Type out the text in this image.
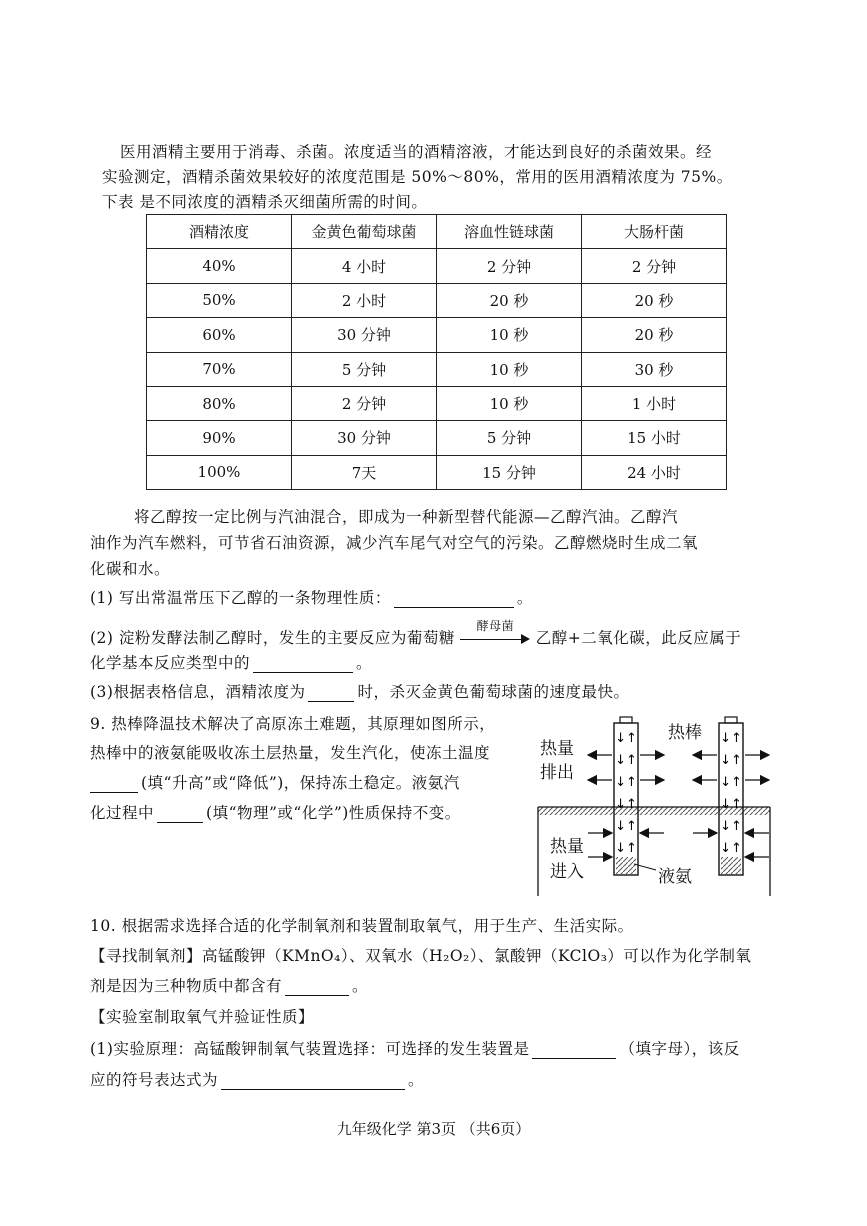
医用酒精主要用于消毒、杀菌。浓度适当的酒精溶液，才能达到良好的杀菌效果。经
实验测定，酒精杀菌效果较好的浓度范围是 50%～80%，常用的医用酒精浓度为 75%。
下表 是不同浓度的酒精杀灭细菌所需的时间。
酒精浓度	金黄色葡萄球菌	溶血性链球菌	大肠杆菌
40%	4 小时	2 分钟	2 分钟
50%	2 小时	20 秒	20 秒
60%	30 分钟	10 秒	20 秒
70%	5 分钟	10 秒	30 秒
80%	2 分钟	10 秒	1 小时
90%	30 分钟	5 分钟	15 小时
100%	7天	15 分钟	24 小时
将乙醇按一定比例与汽油混合，即成为一种新型替代能源—乙醇汽油。乙醇汽
油作为汽车燃料，可节省石油资源，减少汽车尾气对空气的污染。乙醇燃烧时生成二氧
化碳和水。
(1) 写出常温常压下乙醇的一条物理性质：	。
(2) 淀粉发酵法制乙醇时，发生的主要反应为葡萄糖
酵母菌
乙醇+二氧化碳，此反应属于
化学基本反应类型中的	。
(3)根据表格信息，酒精浓度为	时，杀灭金黄色葡萄球菌的速度最快。
9. 热棒降温技术解决了高原冻土难题，其原理如图所示，
热棒中的液氨能吸收冻土层热量，发生汽化，使冻土温度
(填“升高”或“降低”)，保持冻土稳定。液氨汽
化过程中	(填“物理”或“化学”)性质保持不变。
↓↑
↓↑
↓↑
↓↑
↓↑
↓↑
↓↑
↓↑
↓↑
↓↑
↓↑
↓↑
热棒
热量
排出
热量
进入	液氨
10. 根据需求选择合适的化学制氧剂和装置制取氧气，用于生产、生活实际。
【寻找制氧剂】高锰酸钾（KMnO₄）、双氧水（H₂O₂）、氯酸钾（KClO₃）可以作为化学制氧
剂是因为三种物质中都含有	。
【实验室制取氧气并验证性质】
(1)实验原理：高锰酸钾制氧气装置选择：可选择的发生装置是	（填字母），该反
应的符号表达式为	。
九年级化学 第3页 （共6页）
